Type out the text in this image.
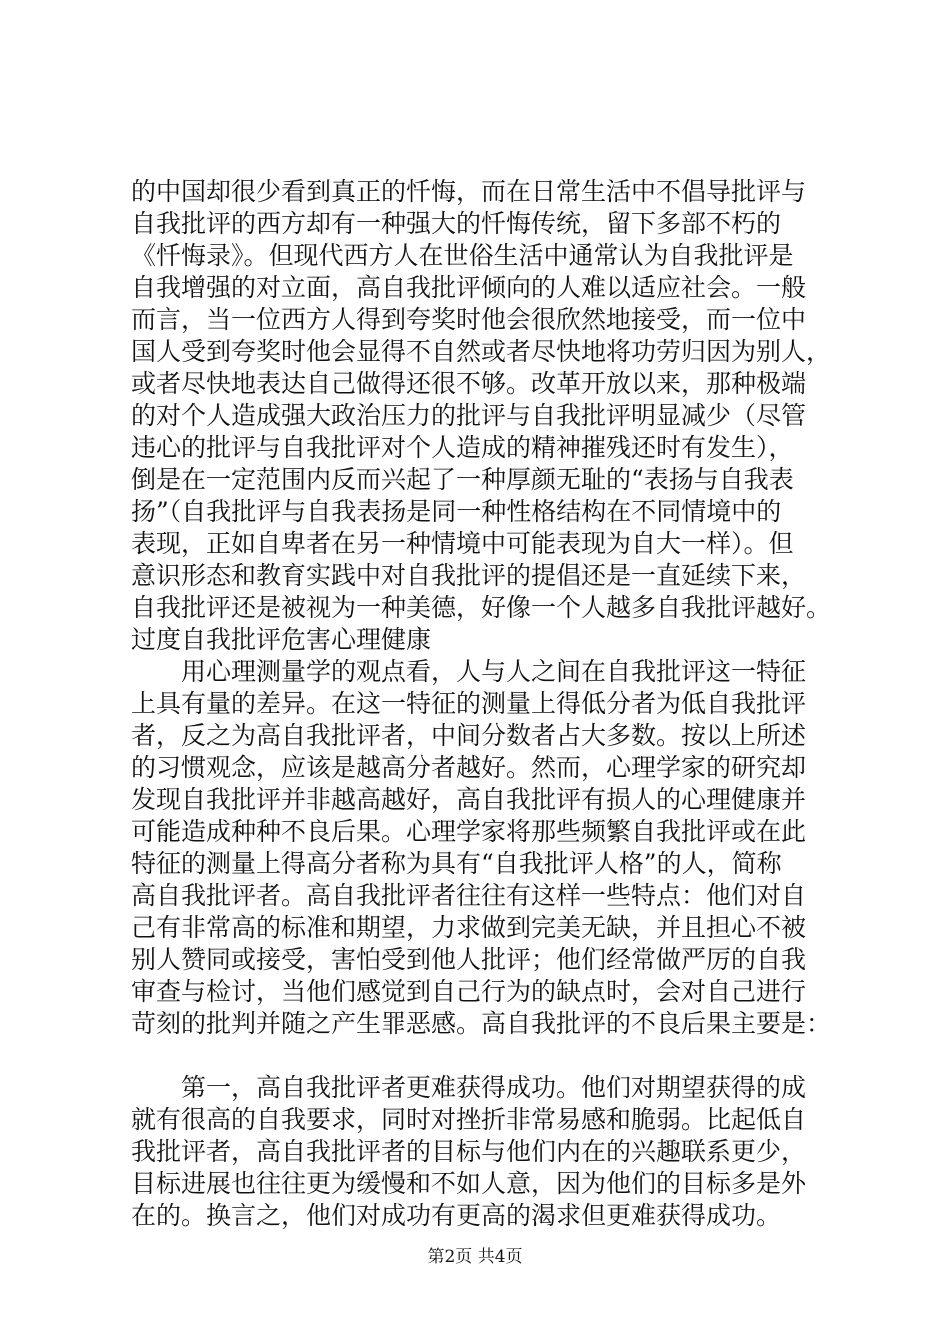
的中国却很少看到真正的忏悔，而在日常生活中不倡导批评与
自我批评的西方却有一种强大的忏悔传统，留下多部不朽的
《忏悔录》。但现代西方人在世俗生活中通常认为自我批评是
自我增强的对立面，高自我批评倾向的人难以适应社会。一般
而言，当一位西方人得到夸奖时他会很欣然地接受，而一位中
国人受到夸奖时他会显得不自然或者尽快地将功劳归因为别人，
或者尽快地表达自己做得还很不够。改革开放以来，那种极端
的对个人造成强大政治压力的批评与自我批评明显减少（尽管
违心的批评与自我批评对个人造成的精神摧残还时有发生），
倒是在一定范围内反而兴起了一种厚颜无耻的“表扬与自我表
扬”（自我批评与自我表扬是同一种性格结构在不同情境中的
表现，正如自卑者在另一种情境中可能表现为自大一样）。但
意识形态和教育实践中对自我批评的提倡还是一直延续下来，
自我批评还是被视为一种美德，好像一个人越多自我批评越好。
过度自我批评危害心理健康
　　用心理测量学的观点看，人与人之间在自我批评这一特征
上具有量的差异。在这一特征的测量上得低分者为低自我批评
者，反之为高自我批评者，中间分数者占大多数。按以上所述
的习惯观念，应该是越高分者越好。然而，心理学家的研究却
发现自我批评并非越高越好，高自我批评有损人的心理健康并
可能造成种种不良后果。心理学家将那些频繁自我批评或在此
特征的测量上得高分者称为具有“自我批评人格”的人，简称
高自我批评者。高自我批评者往往有这样一些特点：他们对自
己有非常高的标准和期望，力求做到完美无缺，并且担心不被
别人赞同或接受，害怕受到他人批评；他们经常做严厉的自我
审查与检讨，当他们感觉到自己行为的缺点时，会对自己进行
苛刻的批判并随之产生罪恶感。高自我批评的不良后果主要是：
　　第一，高自我批评者更难获得成功。他们对期望获得的成
就有很高的自我要求，同时对挫折非常易感和脆弱。比起低自
我批评者，高自我批评者的目标与他们内在的兴趣联系更少，
目标进展也往往更为缓慢和不如人意，因为他们的目标多是外
在的。换言之，他们对成功有更高的渴求但更难获得成功。
第2页 共4页
